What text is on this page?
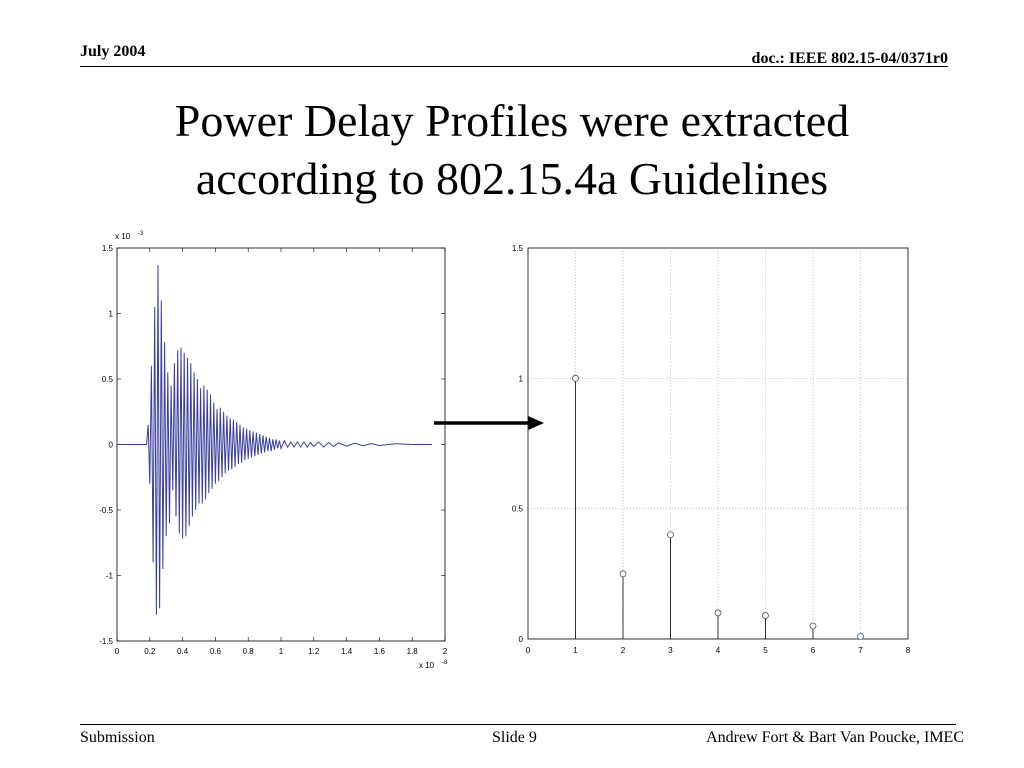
July 2004	doc.: IEEE 802.15-04/0371r0
Power Delay Profiles were extracted
according to 802.15.4a Guidelines
0	0.2	0.4	0.6	0.8	1	1.2	1.4	1.6	1.8	2
1.5
1
0.5
0
-0.5
-1
-1.5
x 10 -3
x 10 -8
0	1	2	3	4	5	6	7	8
1.5
1
0.5
0
Submission	Slide 9	Andrew Fort & Bart Van Poucke, IMEC
